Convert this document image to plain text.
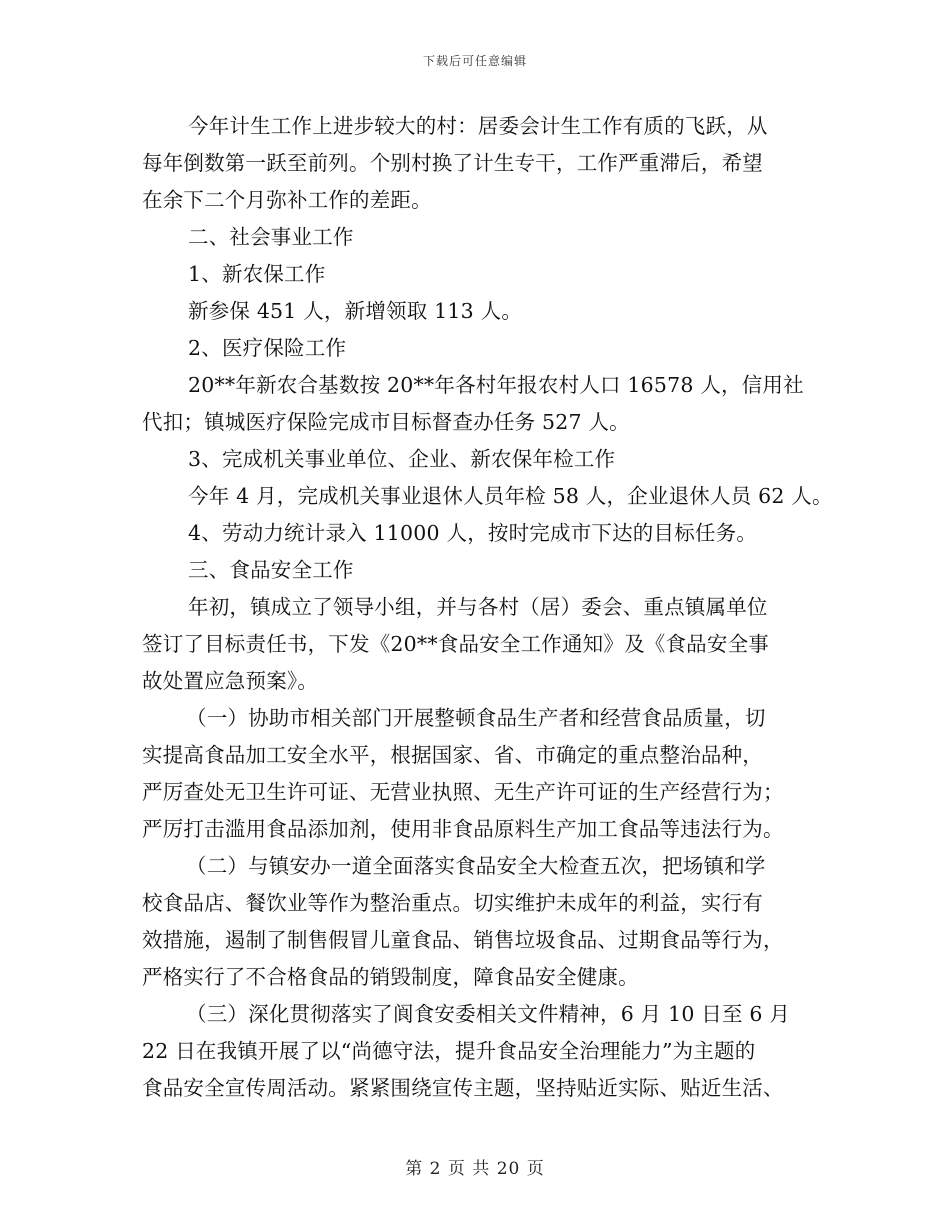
下载后可任意编辑
今年计生工作上进步较大的村：居委会计生工作有质的飞跃，从
每年倒数第一跃至前列。个别村换了计生专干，工作严重滞后，希望
在余下二个月弥补工作的差距。
二、社会事业工作
1、新农保工作
新参保 451 人，新增领取 113 人。
2、医疗保险工作
20**年新农合基数按 20**年各村年报农村人口 16578 人，信用社
代扣；镇城医疗保险完成市目标督查办任务 527 人。
3、完成机关事业单位、企业、新农保年检工作
今年 4 月，完成机关事业退休人员年检 58 人，企业退休人员 62 人。
4、劳动力统计录入 11000 人，按时完成市下达的目标任务。
三、食品安全工作
年初，镇成立了领导小组，并与各村（居）委会、重点镇属单位
签订了目标责任书，下发《20**食品安全工作通知》及《食品安全事
故处置应急预案》。
（一）协助市相关部门开展整顿食品生产者和经营食品质量，切
实提高食品加工安全水平，根据国家、省、市确定的重点整治品种，
严厉查处无卫生许可证、无营业执照、无生产许可证的生产经营行为；
严厉打击滥用食品添加剂，使用非食品原料生产加工食品等违法行为。
（二）与镇安办一道全面落实食品安全大检查五次，把场镇和学
校食品店、餐饮业等作为整治重点。切实维护未成年的利益，实行有
效措施，遏制了制售假冒儿童食品、销售垃圾食品、过期食品等行为，
严格实行了不合格食品的销毁制度，障食品安全健康。
（三）深化贯彻落实了阆食安委相关文件精神，6 月 10 日至 6 月
22 日在我镇开展了以“尚德守法，提升食品安全治理能力”为主题的
食品安全宣传周活动。紧紧围绕宣传主题，坚持贴近实际、贴近生活、
第 2 页 共 20 页
